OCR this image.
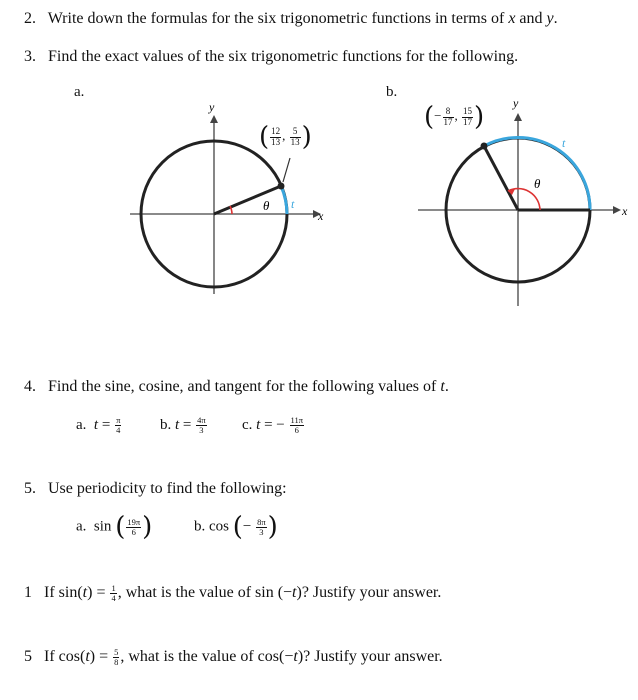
2. Write down the formulas for the six trigonometric functions in terms of x and y.
3. Find the exact values of the six trigonometric functions for the following.
a.
y
x
θ t
( $\frac{12}{13}$ , $\frac{5}{13}$ )
b.
y
x
θ
t
(− $\frac{8}{17}$ , $\frac{15}{17}$ )
4. Find the sine, cosine, and tangent for the following values of t.
a. $t = \frac{\pi}{4}$	b. $t = \frac{4\pi}{3} c$. t = − $\frac{11\pi}{6}$
5. Use periodicity to find the following:
a. sin ( $\frac{19\pi}{6}$ )	b. cos (− $\frac{8\pi}{3}$ )
1 If $\sin(t) = \frac{1}{4}$ , what is the value of sin (−t)? Justify your answer.
5 If $\cos(t) = \frac{5}{8}$ , what is the value of cos(−t)? Justify your answer.
